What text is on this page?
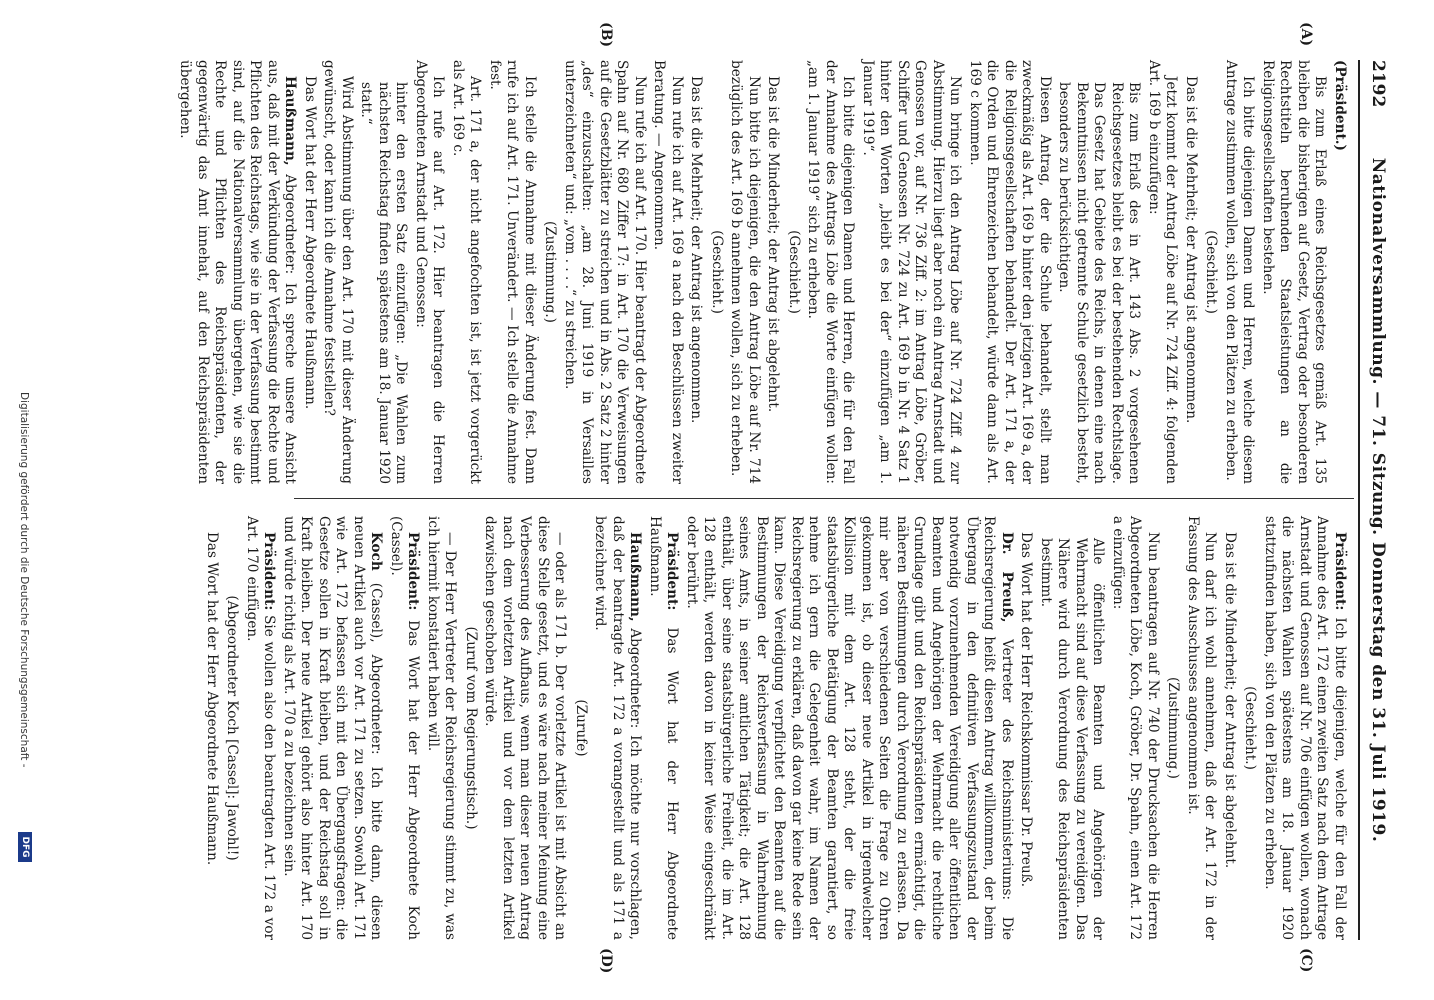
2192
Nationalversammlung. — 71. Sitzung. Donnerstag den 31. Juli 1919.
(A)
(B)
(C)
(D)

(Präsident.)

Bis zum Erlaß eines Reichsgesetzes gemäß Art. 135 bleiben die bisherigen auf Gesetz, Vertrag oder besonderen Rechtstiteln beruhenden Staatsleistungen an die Religionsgesellschaften bestehen.

Ich bitte diejenigen Damen und Herren, welche diesem Antrage zustimmen wollen, sich von den Plätzen zu erheben.

(Geschieht.)

Das ist die Mehrheit; der Antrag ist angenommen.

Jetzt kommt der Antrag Löbe auf Nr. 724 Ziff. 4: folgenden Art. 169 b einzufügen:

Bis zum Erlaß des in Art. 143 Abs. 2 vorgesehenen Reichsgesetzes bleibt es bei der bestehenden Rechtslage. Das Gesetz hat Gebiete des Reichs, in denen eine nach Bekenntnissen nicht getrennte Schule gesetzlich besteht, besonders zu berücksichtigen.

Diesen Antrag, der die Schule behandelt, stellt man zweckmäßig als Art. 169 b hinter den jetzigen Art. 169 a, der die Religionsgesellschaften behandelt. Der Art. 171 a, der die Orden und Ehrenzeichen behandelt, würde dann als Art. 169 c kommen.

Nun bringe ich den Antrag Löbe auf Nr. 724 Ziff. 4 zur Abstimmung. Hierzu liegt aber noch ein Antrag Arnstadt und Genossen vor, auf Nr. 736 Ziff. 2: im Antrag Löbe, Gröber, Schiffer und Genossen Nr. 724 zu Art. 169 b in Nr. 4 Satz 1 hinter den Worten „bleibt es bei der“ einzufügen „am 1. Januar 1919“.

Ich bitte diejenigen Damen und Herren, die für den Fall der Annahme des Antrags Löbe die Worte einfügen wollen: „am 1. Januar 1919“ sich zu erheben.

(Geschieht.)

Das ist die Minderheit; der Antrag ist abgelehnt.

Nun bitte ich diejenigen, die den Antrag Löbe auf Nr. 714 bezüglich des Art. 169 b annehmen wollen, sich zu erheben.

(Geschieht.)

Das ist die Mehrheit; der Antrag ist angenommen.

Nun rufe ich auf Art. 169 a nach den Beschlüssen zweiter Beratung. — Angenommen.

Nun rufe ich auf Art. 170. Hier beantragt der Abgeordnete Spahn auf Nr. 680 Ziffer 17: in Art. 170 die Verweisungen auf die Gesetzblätter zu streichen und in Abs. 2 Satz 2 hinter „des“ einzuschalten: „am 28. Juni 1919 in Versailles unterzeichneten“ und: „vom . . . .“ zu streichen.

(Zustimmung.)

Ich stelle die Annahme mit dieser Änderung fest. Dann rufe ich auf Art. 171. Unverändert. — Ich stelle die Annahme fest.

Art. 171 a, der nicht angefochten ist, ist jetzt vorgerückt als Art. 169 c.

Ich rufe auf Art. 172. Hier beantragen die Herren Abgeordneten Arnstadt und Genossen:

hinter den ersten Satz einzufügen: „Die Wahlen zum nächsten Reichstag finden spätestens am 18. Januar 1920 statt.“

Wird Abstimmung über den Art. 170 mit dieser Änderung gewünscht, oder kann ich die Annahme feststellen?

Das Wort hat der Herr Abgeordnete Haußmann.

Haußmann, Abgeordneter: Ich spreche unsere Ansicht aus, daß mit der Verkündung der Verfassung die Rechte und Pflichten des Reichstags, wie sie in der Verfassung bestimmt sind, auf die Nationalversammlung übergehen, wie sie die Rechte und Pflichten des Reichspräsidenten, der gegenwärtig das Amt innehat, auf den Reichspräsidenten übergehen.

Präsident: Ich bitte diejenigen, welche für den Fall der Annahme des Art. 172 einen zweiten Satz nach dem Antrage Arnstadt und Genossen auf Nr. 706 einfügen wollen, wonach die nächsten Wahlen spätestens am 18. Januar 1920 stattzufinden haben, sich von den Plätzen zu erheben.

(Geschieht.)

Das ist die Minderheit; der Antrag ist abgelehnt.

Nun darf ich wohl annehmen, daß der Art. 172 in der Fassung des Ausschusses angenommen ist.

(Zustimmung.)

Nun beantragen auf Nr. 740 der Drucksachen die Herren Abgeordneten Löbe, Koch, Gröber, Dr. Spahn, einen Art. 172 a einzufügen:

Alle öffentlichen Beamten und Angehörigen der Wehrmacht sind auf diese Verfassung zu vereidigen. Das Nähere wird durch Verordnung des Reichspräsidenten bestimmt.

Das Wort hat der Herr Reichskommissar Dr. Preuß.

Dr. Preuß, Vertreter des Reichsministeriums: Die Reichsregierung heißt diesen Antrag willkommen, der beim Übergang in den definitiven Verfassungszustand der notwendig vorzunehmenden Vereidigung aller öffentlichen Beamten und Angehörigen der Wehrmacht die rechtliche Grundlage gibt und den Reichspräsidenten ermächtigt, die näheren Bestimmungen durch Verordnung zu erlassen. Da mir aber von verschiedenen Seiten die Frage zu Ohren gekommen ist, ob dieser neue Artikel in irgendwelcher Kollision mit dem Art. 128 steht, der die freie staatsbürgerliche Betätigung der Beamten garantiert, so nehme ich gern die Gelegenheit wahr, im Namen der Reichsregierung zu erklären, daß davon gar keine Rede sein kann. Diese Vereidigung verpflichtet den Beamten auf die Bestimmungen der Reichsverfassung in Wahrnehmung seines Amts, in seiner amtlichen Tätigkeit; die Art. 128 enthält, über seine staatsbürgerliche Freiheit, die im Art. 128 enthält, werden davon in keiner Weise eingeschränkt oder berührt.

Präsident: Das Wort hat der Herr Abgeordnete Haußmann.

Haußmann, Abgeordneter: Ich möchte nur vorschlagen, daß der beantragte Art. 172 a vorangestellt und als 171 a bezeichnet wird.

(Zurufe)

— oder als 171 b. Der vorletzte Artikel ist mit Absicht an diese Stelle gesetzt, und es wäre nach meiner Meinung eine Verbesserung des Aufbaus, wenn man dieser neuen Antrag nach dem vorletzten Artikel und vor dem letzten Artikel dazwischen geschoben würde.

(Zuruf vom Regierungstisch.)

— Der Herr Vertreter der Reichsregierung stimmt zu, was ich hiermit konstatiert haben will.

Präsident: Das Wort hat der Herr Abgeordnete Koch (Cassel).

Koch (Cassel), Abgeordneter: Ich bitte dann, diesen neuen Artikel auch vor Art. 171 zu setzen. Sowohl Art. 171 wie Art. 172 befassen sich mit den Übergangsfragen: die Gesetze sollen in Kraft bleiben, und der Reichstag soll in Kraft bleiben. Der neue Artikel gehört also hinter Art. 170 und würde richtig als Art. 170 a zu bezeichnen sein.

Präsident: Sie wollen also den beantragten Art. 172 a vor Art. 170 einfügen.

(Abgeordneter Koch [Cassel]: Jawohl!)

Das Wort hat der Herr Abgeordnete Haußmann.

Digitalisierung gefördert durch die Deutsche Forschungsgemeinschaft -
DFG
